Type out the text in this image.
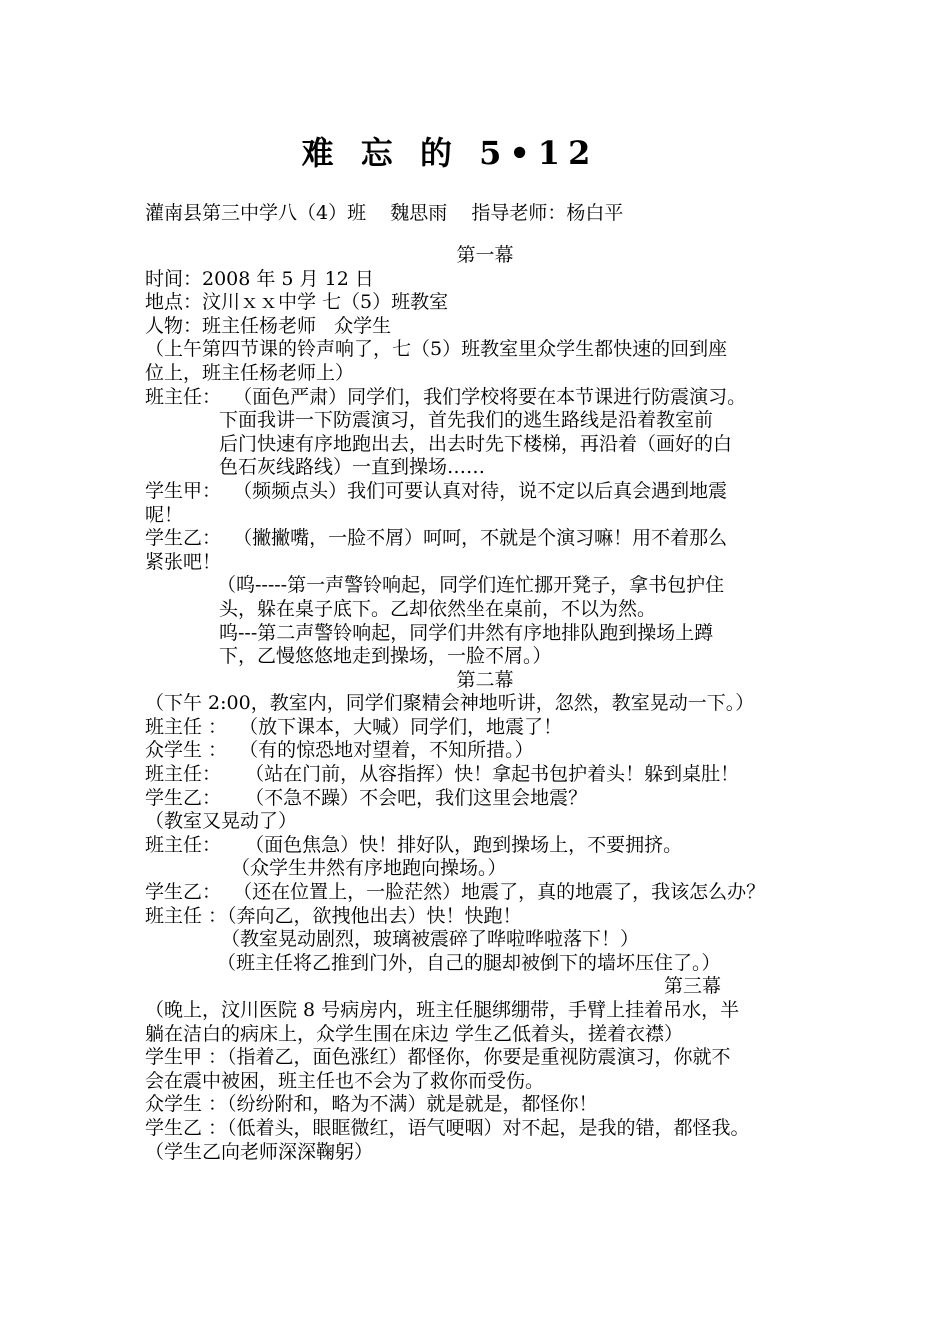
难 忘 的 5•12
灌南县第三中学八（4）班    魏思雨    指导老师：杨白平
第一幕
时间：2008 年 5 月 12 日
地点：汶川ｘｘ中学 七（5）班教室
人物：班主任杨老师   众学生
（上午第四节课的铃声响了，七（5）班教室里众学生都快速的回到座
位上，班主任杨老师上）
班主任：  （面色严肃）同学们，我们学校将要在本节课进行防震演习。
下面我讲一下防震演习，首先我们的逃生路线是沿着教室前
后门快速有序地跑出去，出去时先下楼梯，再沿着（画好的白
色石灰线路线）一直到操场……
学生甲：  （频频点头）我们可要认真对待，说不定以后真会遇到地震
呢！
学生乙：  （撇撇嘴，一脸不屑）呵呵，不就是个演习嘛！用不着那么
紧张吧！
（呜-----第一声警铃响起，同学们连忙挪开凳子，拿书包护住
头，躲在桌子底下。乙却依然坐在桌前，不以为然。
呜---第二声警铃响起，同学们井然有序地排队跑到操场上蹲
下，乙慢悠悠地走到操场，一脸不屑。）
第二幕
（下午 2:00，教室内，同学们聚精会神地听讲，忽然，教室晃动一下。）
班主任 ：  （放下课本，大喊）同学们，地震了！
众学生 ：  （有的惊恐地对望着，不知所措。）
班主任：    （站在门前，从容指挥）快！拿起书包护着头！躲到桌肚！
学生乙：    （不急不躁）不会吧，我们这里会地震？
（教室又晃动了）
班主任：    （面色焦急）快！排好队，跑到操场上，不要拥挤。
（众学生井然有序地跑向操场。）
学生乙：  （还在位置上，一脸茫然）地震了，真的地震了，我该怎么办？
班主任 ：（奔向乙，欲拽他出去）快！快跑！
（教室晃动剧烈，玻璃被震碎了哗啦哗啦落下！）
（班主任将乙推到门外，自己的腿却被倒下的墙坏压住了。）
第三幕
（晚上，汶川医院 8 号病房内，班主任腿绑绷带，手臂上挂着吊水，半
躺在洁白的病床上，众学生围在床边 学生乙低着头，搓着衣襟）
学生甲 ：（指着乙，面色涨红）都怪你，你要是重视防震演习，你就不
会在震中被困，班主任也不会为了救你而受伤。
众学生 ：（纷纷附和，略为不满）就是就是，都怪你！
学生乙 ：（低着头，眼眶微红，语气哽咽）对不起，是我的错，都怪我。
（学生乙向老师深深鞠躬）
